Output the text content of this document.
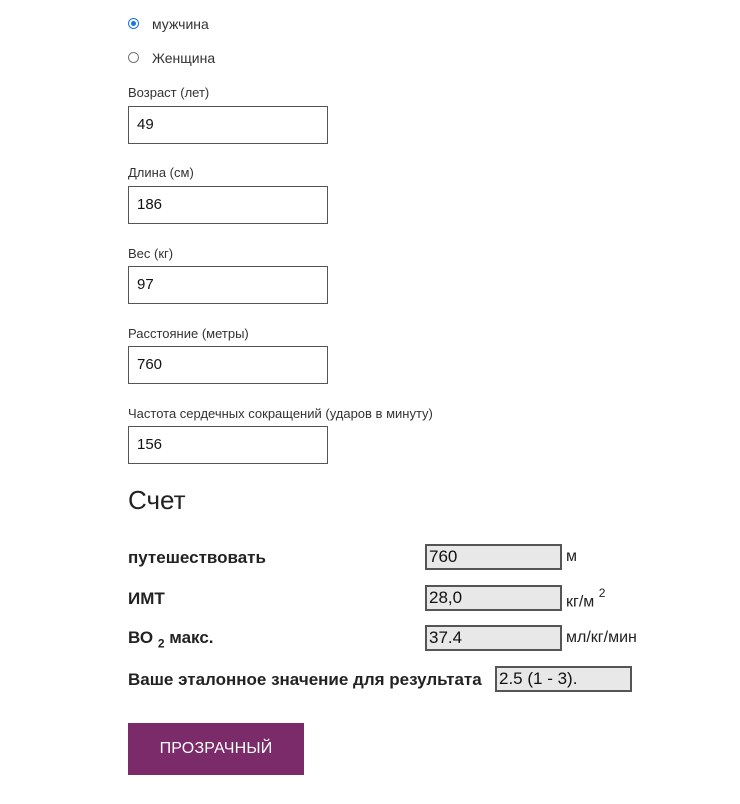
мужчина
Женщина
Возраст (лет)
49
Длина (см)
186
Вес (кг)
97
Расстояние (метры)
760
Частота сердечных сокращений (ударов в минуту)
156
Счет
путешествовать	760	м
ИМТ	28,0	кг/м $^2$
ВО $_2$ макс.	37.4	мл/кг/мин
Ваше эталонное значение для результата 2.5 (1 - 3).
ПРОЗРАЧНЫЙ
